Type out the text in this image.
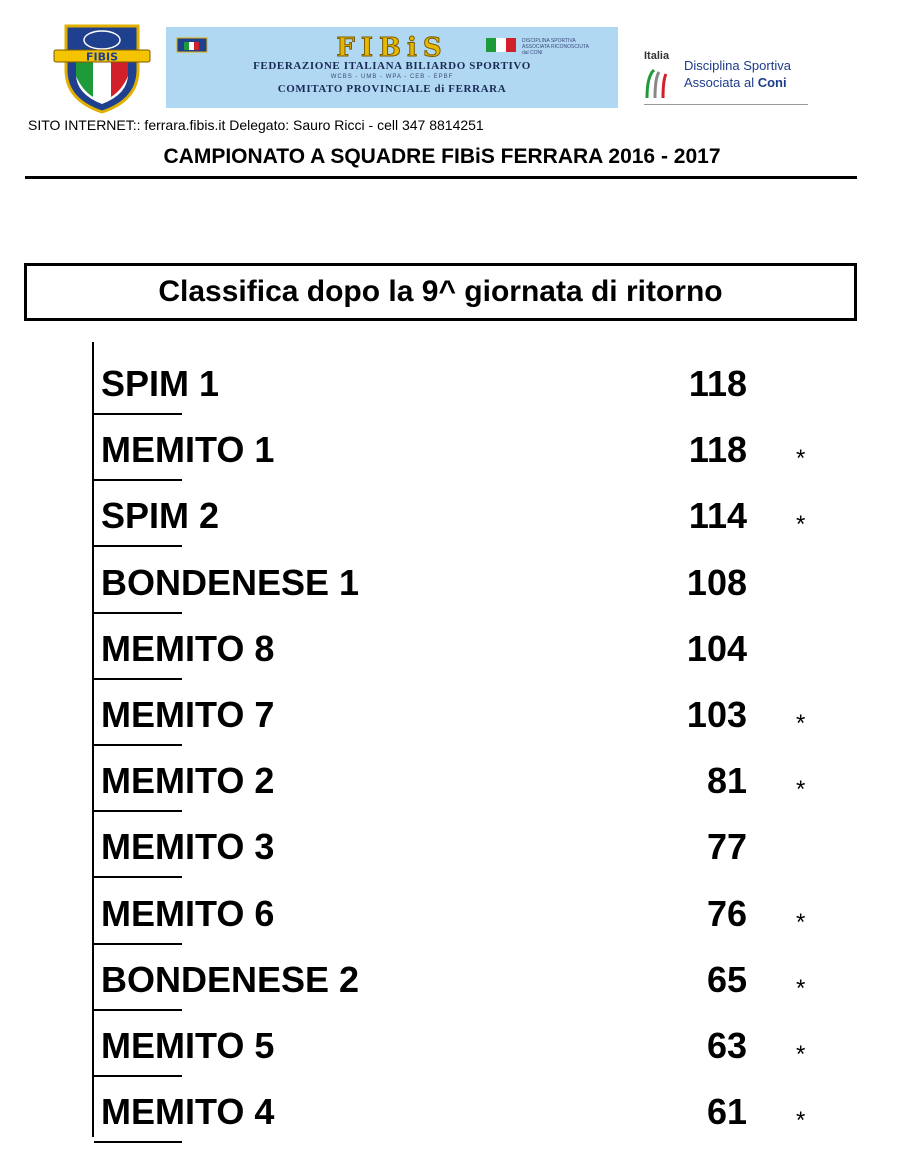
FIBIS	FIBiS	DISCIPLINA SPORTIVA
ASSOCIATA RICONOSCIUTA
dal CONI
FEDERAZIONE ITALIANA BILIARDO SPORTIVO
WCBS - UMB - WPA - CEB - EPBF
COMITATO PROVINCIALE di FERRARA
Italia
Disciplina Sportiva
Associata al Coni
SITO INTERNET:: ferrara.fibis.it Delegato: Sauro Ricci - cell 347 8814251
CAMPIONATO A SQUADRE FIBiS FERRARA 2016 - 2017
Classifica dopo la 9^ giornata di ritorno
SPIM 1	118
MEMITO 1	118 *
SPIM 2	114 *
BONDENESE 1	108
MEMITO 8	104
MEMITO 7	103 *
MEMITO 2	81 *
MEMITO 3	77
MEMITO 6	76 *
BONDENESE 2	65 *
MEMITO 5	63 *
MEMITO 4	61 *
